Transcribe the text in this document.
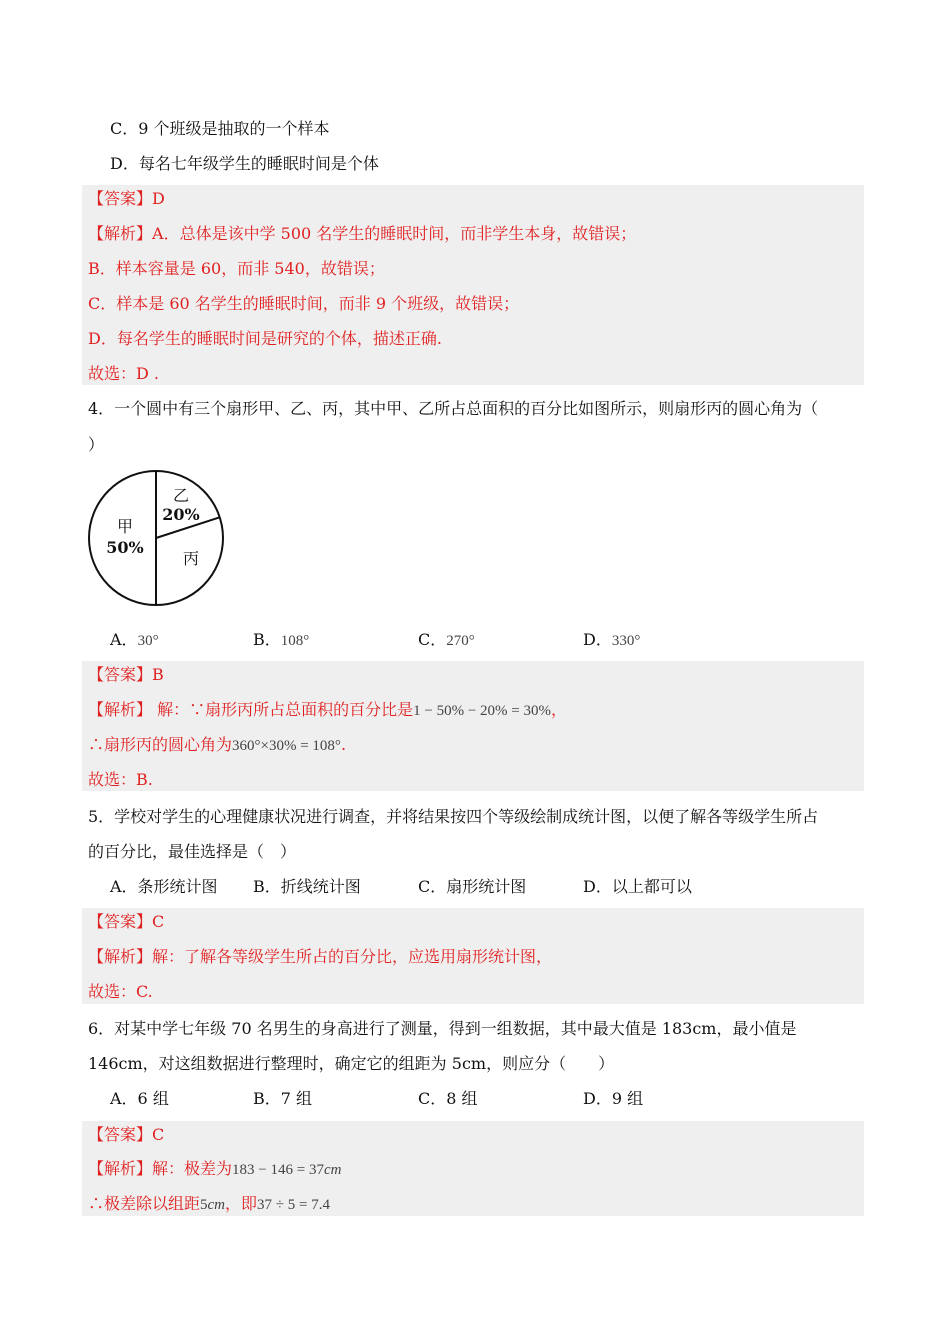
C．9 个班级是抽取的一个样本
D．每名七年级学生的睡眠时间是个体
【答案】D
【解析】A．总体是该中学 500 名学生的睡眠时间，而非学生本身，故错误；
B．样本容量是 60，而非 540，故错误；
C．样本是 60 名学生的睡眠时间，而非 9 个班级，故错误；
D．每名学生的睡眠时间是研究的个体，描述正确.
故选：D .
4．一个圆中有三个扇形甲、乙、丙，其中甲、乙所占总面积的百分比如图所示，则扇形丙的圆心角为（
）
乙
20%
甲
50%
丙
A．30°	B．108°	C．270°	D．330°
【答案】B
【解析】 解：∵扇形丙所占总面积的百分比是1 − 50% − 20% = 30%，
∴扇形丙的圆心角为360°×30% = 108°.
故选：B.
5．学校对学生的心理健康状况进行调查，并将结果按四个等级绘制成统计图，以便了解各等级学生所占
的百分比，最佳选择是（　）
A．条形统计图 B．折线统计图	C．扇形统计图	D．以上都可以
【答案】C
【解析】解：了解各等级学生所占的百分比，应选用扇形统计图，
故选：C.
6．对某中学七年级 70 名男生的身高进行了测量，得到一组数据，其中最大值是 183cm，最小值是
146cm，对这组数据进行整理时，确定它的组距为 5cm，则应分（　　）
A．6 组	B．7 组	C．8 组	D．9 组
【答案】C
【解析】解：极差为183 − 146 = 37cm
∴极差除以组距5cm，即37 ÷ 5 = 7.4
